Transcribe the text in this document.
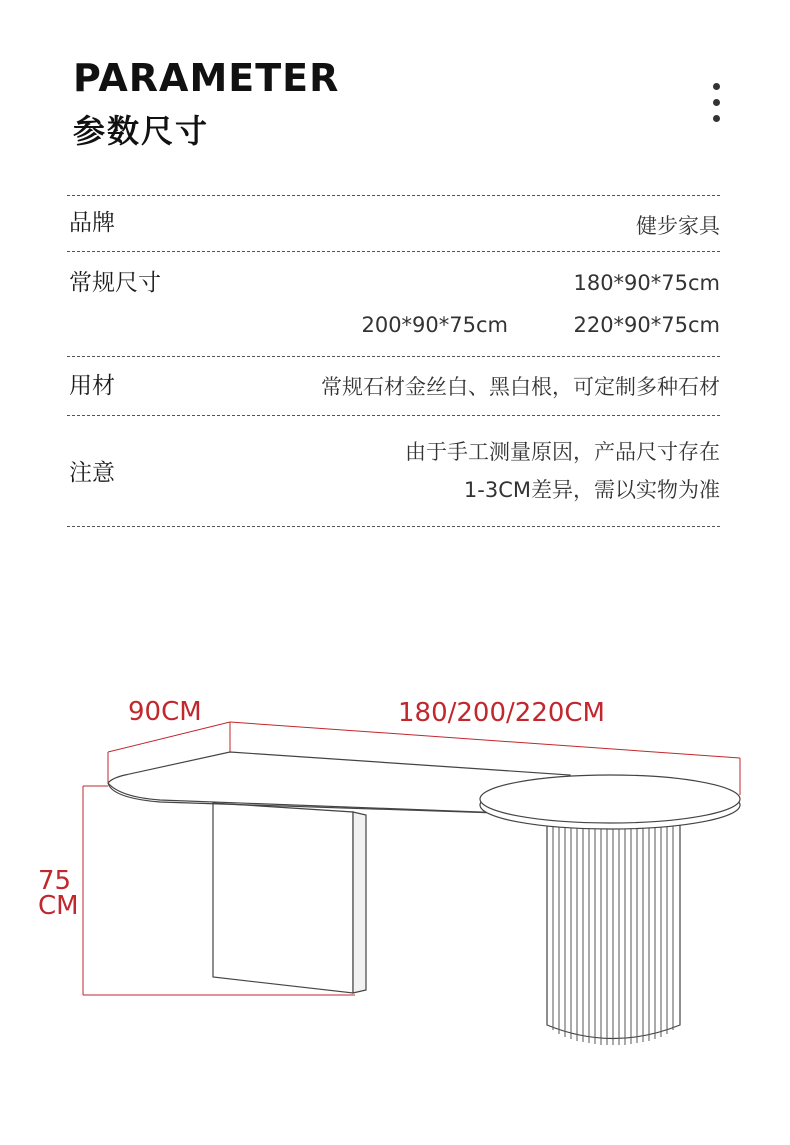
PARAMETER
参数尺寸
品牌	健步家具
常规尺寸	180*90*75cm
200*90*75cm	220*90*75cm
用材	常规石材金丝白、黑白根，可定制多种石材
注意
由于手工测量原因，产品尺寸存在
1-3CM差异，需以实物为准
90CM	180/200/220CM
75
CM
